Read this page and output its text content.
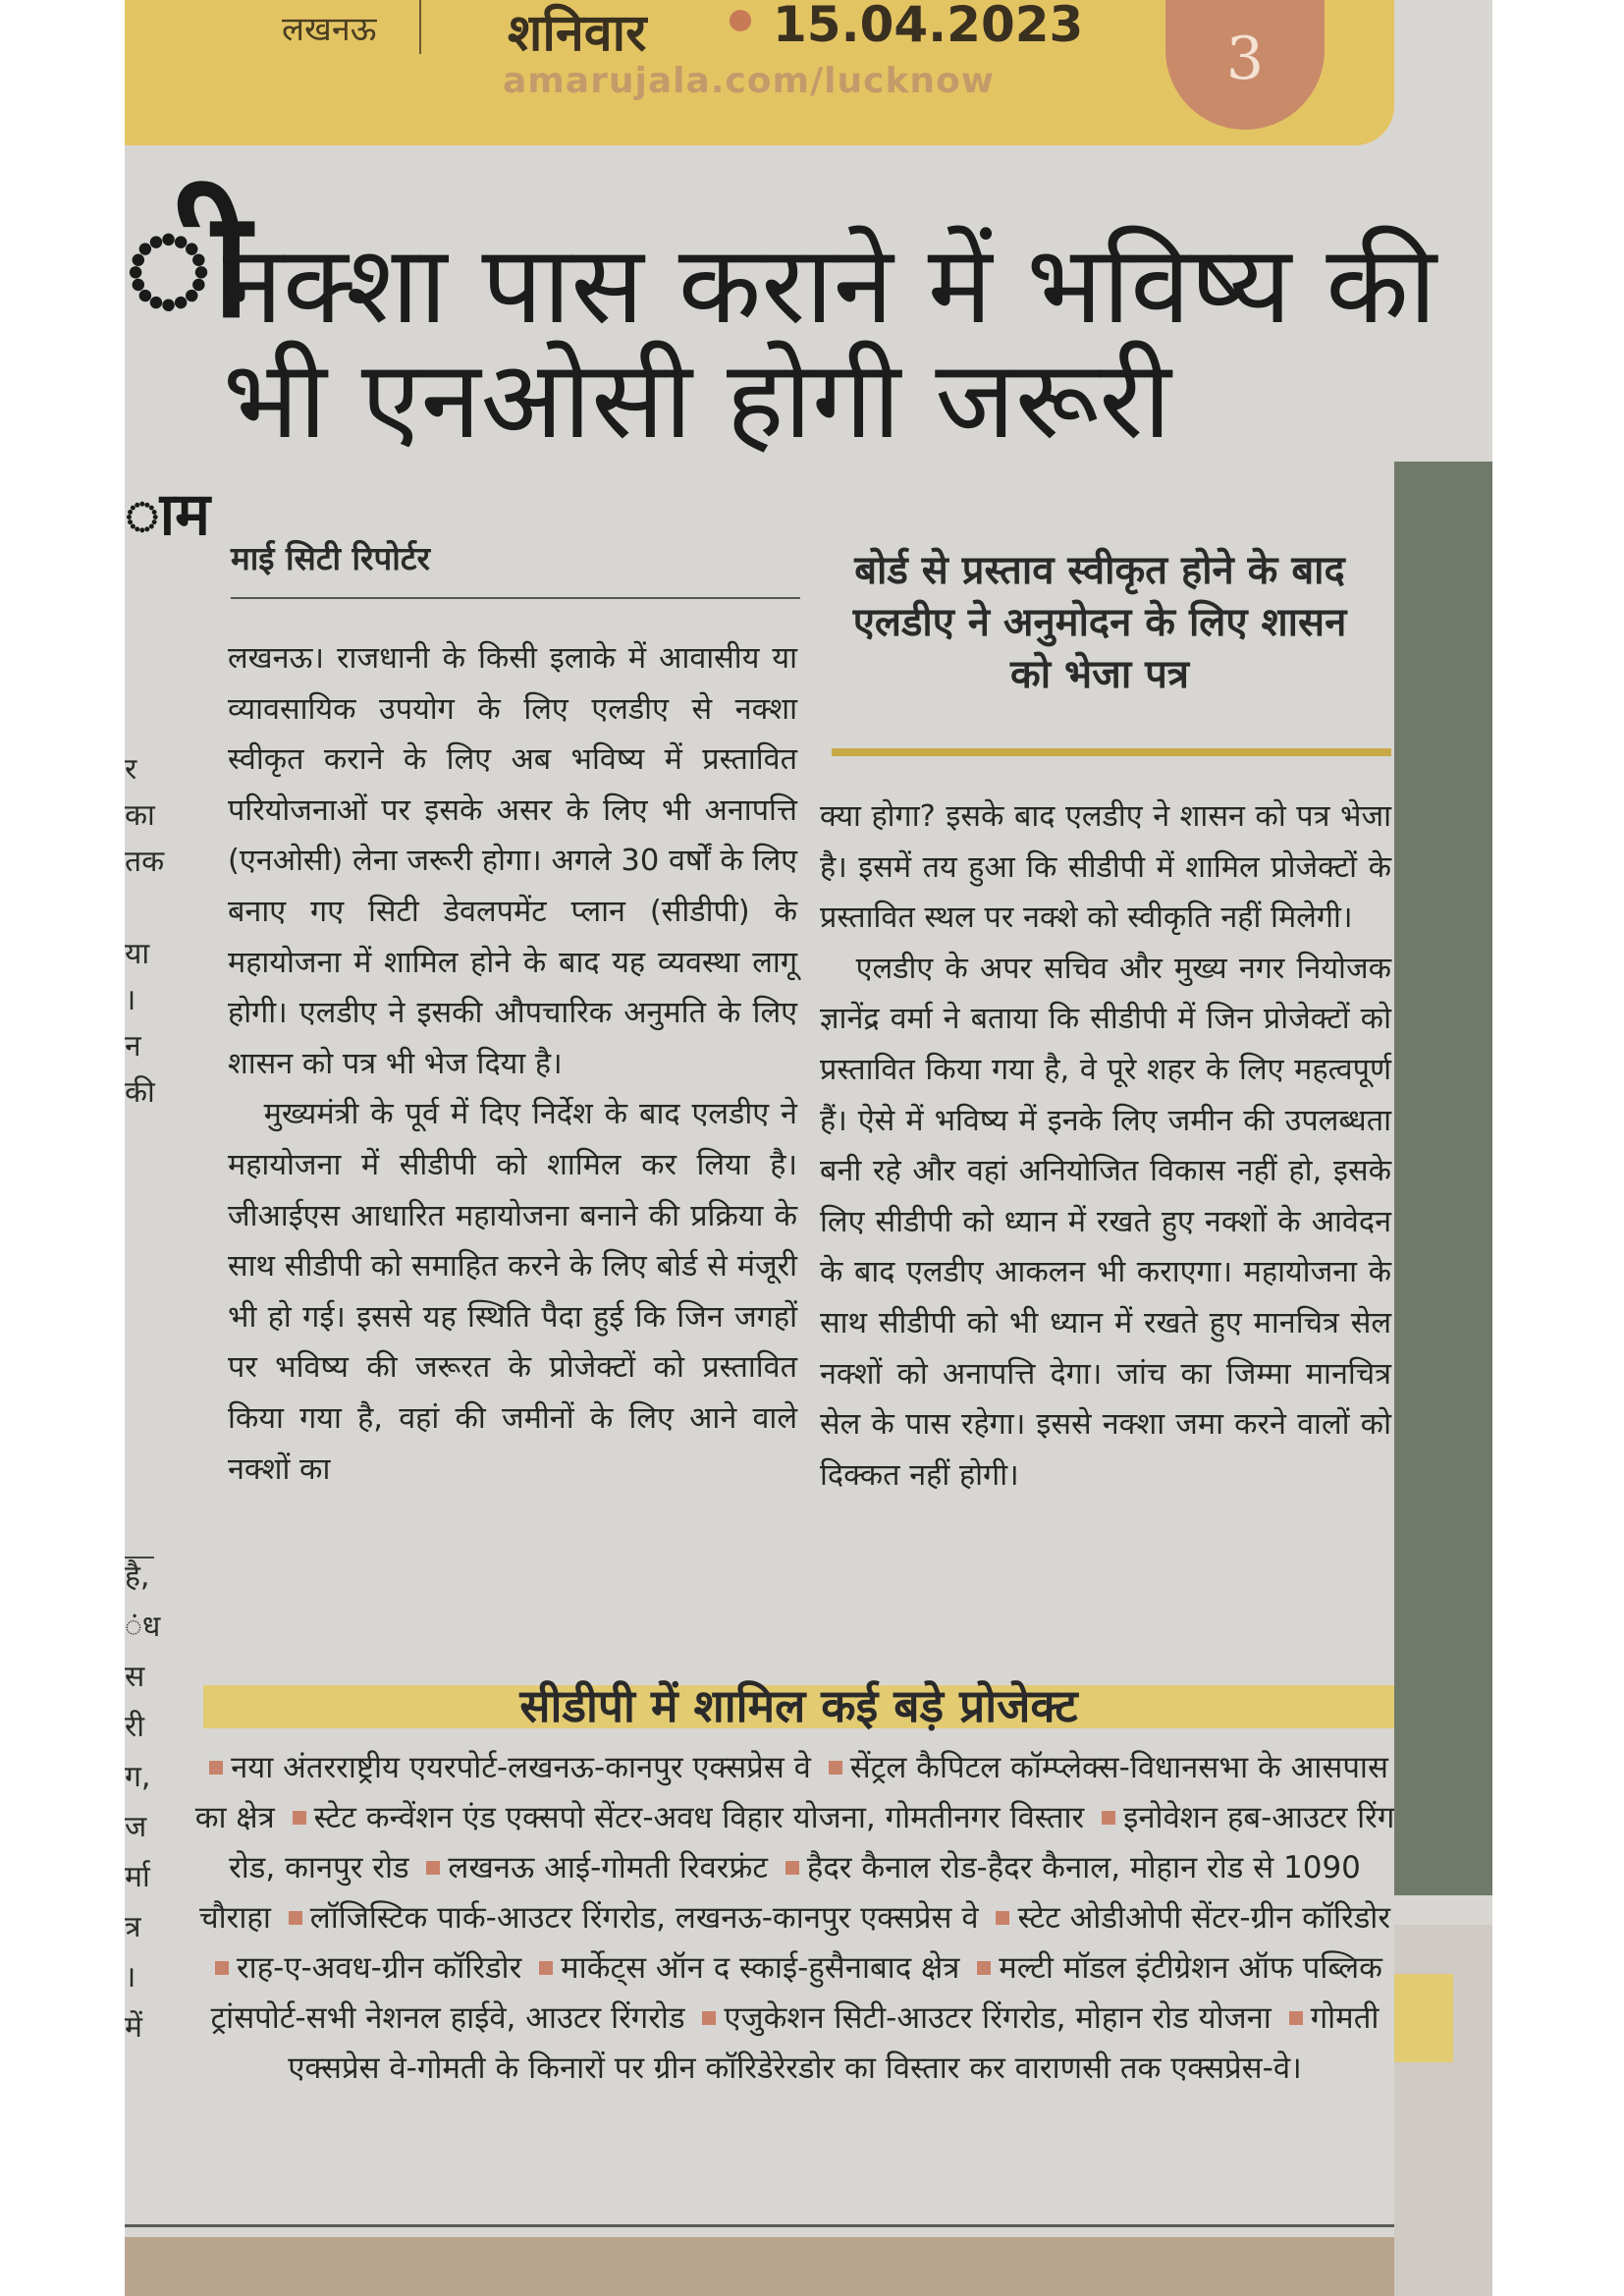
लखनऊ	शनिवार	15.04.2023
amarujala.com/lucknow	3
ी
ाम
र
का
तक
या
।
न
की
है,
ंध
स
री
ग,
ज
र्मा
त्र
।
में
नक्शा पास कराने में भविष्य की भी एनओसी होगी जरूरी
माई सिटी रिपोर्टर	बोर्ड से प्रस्ताव स्वीकृत होने के बाद एलडीए ने अनुमोदन के लिए शासन को भेजा पत्र

लखनऊ। राजधानी के किसी इलाके में आवासीय या व्यावसायिक उपयोग के लिए एलडीए से नक्शा स्वीकृत कराने के लिए अब भविष्य में प्रस्तावित परियोजनाओं पर इसके असर के लिए भी अनापत्ति (एनओसी) लेना जरूरी होगा। अगले 30 वर्षों के लिए बनाए गए सिटी डेवलपमेंट प्लान (सीडीपी) के महायोजना में शामिल होने के बाद यह व्यवस्था लागू होगी। एलडीए ने इसकी औपचारिक अनुमति के लिए शासन को पत्र भी भेज दिया है।

मुख्यमंत्री के पूर्व में दिए निर्देश के बाद एलडीए ने महायोजना में सीडीपी को शामिल कर लिया है। जीआईएस आधारित महायोजना बनाने की प्रक्रिया के साथ सीडीपी को समाहित करने के लिए बोर्ड से मंजूरी भी हो गई। इससे यह स्थिति पैदा हुई कि जिन जगहों पर भविष्य की जरूरत के प्रोजेक्टों को प्रस्तावित किया गया है, वहां की जमीनों के लिए आने वाले नक्शों का

क्या होगा? इसके बाद एलडीए ने शासन को पत्र भेजा है। इसमें तय हुआ कि सीडीपी में शामिल प्रोजेक्टों के प्रस्तावित स्थल पर नक्शे को स्वीकृति नहीं मिलेगी।

एलडीए के अपर सचिव और मुख्य नगर नियोजक ज्ञानेंद्र वर्मा ने बताया कि सीडीपी में जिन प्रोजेक्टों को प्रस्तावित किया गया है, वे पूरे शहर के लिए महत्वपूर्ण हैं। ऐसे में भविष्य में इनके लिए जमीन की उपलब्धता बनी रहे और वहां अनियोजित विकास नहीं हो, इसके लिए सीडीपी को ध्यान में रखते हुए नक्शों के आवेदन के बाद एलडीए आकलन भी कराएगा। महायोजना के साथ सीडीपी को भी ध्यान में रखते हुए मानचित्र सेल नक्शों को अनापत्ति देगा। जांच का जिम्मा मानचित्र सेल के पास रहेगा। इससे नक्शा जमा करने वालों को दिक्कत नहीं होगी।

सीडीपी में शामिल कई बड़े प्रोजेक्ट
नया अंतरराष्ट्रीय एयरपोर्ट-लखनऊ-कानपुर एक्सप्रेस वे सेंट्रल कैपिटल कॉम्प्लेक्स-विधानसभा के आसपास का क्षेत्र स्टेट कन्वेंशन एंड एक्सपो सेंटर-अवध विहार योजना, गोमतीनगर विस्तार इनोवेशन हब-आउटर रिंग रोड, कानपुर रोड लखनऊ आई-गोमती रिवरफ्रंट हैदर कैनाल रोड-हैदर कैनाल, मोहान रोड से 1090 चौराहा लॉजिस्टिक पार्क-आउटर रिंगरोड, लखनऊ-कानपुर एक्सप्रेस वे स्टेट ओडीओपी सेंटर-ग्रीन कॉरिडोर राह-ए-अवध-ग्रीन कॉरिडोर मार्केट्स ऑन द स्काई-हुसैनाबाद क्षेत्र मल्टी मॉडल इंटीग्रेशन ऑफ पब्लिक ट्रांसपोर्ट-सभी नेशनल हाईवे, आउटर रिंगरोड एजुकेशन सिटी-आउटर रिंगरोड, मोहान रोड योजना गोमती एक्सप्रेस वे-गोमती के किनारों पर ग्रीन कॉरिडेरेरडोर का विस्तार कर वाराणसी तक एक्सप्रेस-वे।
